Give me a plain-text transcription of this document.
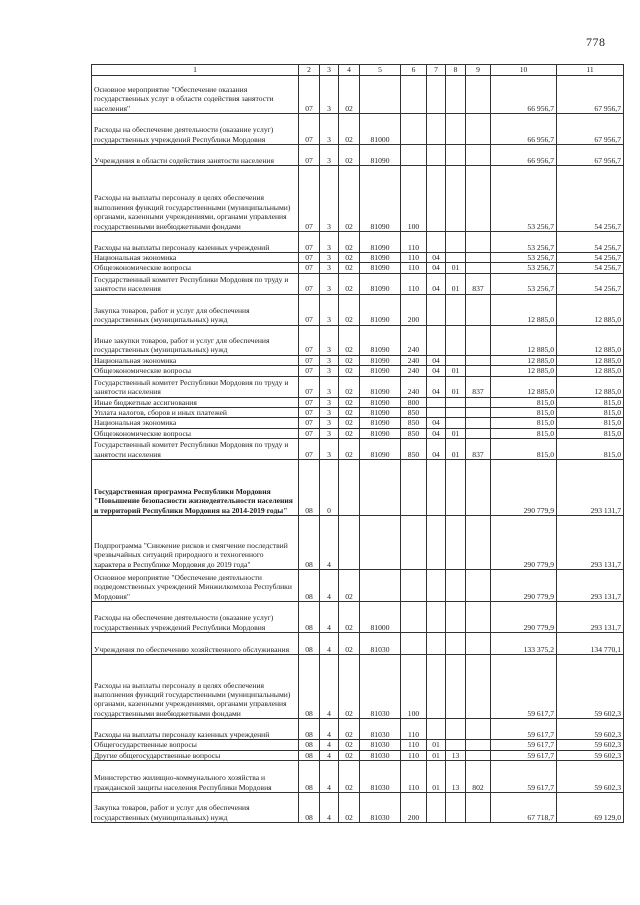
778
1	2	3	4	5	6	7	8	9	10	11
Основное мероприятие "Обеспечение оказания государственных услуг в области содействия занятости населения"	07	3	02						66 956,7	67 956,7
Расходы на обеспечение деятельности (оказание услуг) государственных учреждений Республики Мордовия	07	3	02	81000					66 956,7	67 956,7
Учреждения в области содействия занятости населения	07	3	02	81090					66 956,7	67 956,7
Расходы на выплаты персоналу в целях обеспечения выполнения функций государственными (муниципальными) органами, казенными учреждениями, органами управления государственными внебюджетными фондами	07	3	02	81090	100				53 256,7	54 256,7
Расходы на выплаты персоналу казенных учреждений	07	3	02	81090	110				53 256,7	54 256,7
Национальная экономика	07	3	02	81090	110	04			53 256,7	54 256,7
Общеэкономические вопросы	07	3	02	81090	110	04	01		53 256,7	54 256,7
Государственный комитет Республики Мордовия по труду и занятости населения	07	3	02	81090	110	04	01	837	53 256,7	54 256,7
Закупка товаров, работ и услуг для обеспечения государственных (муниципальных) нужд	07	3	02	81090	200				12 885,0	12 885,0
Иные закупки товаров, работ и услуг для обеспечения государственных (муниципальных) нужд	07	3	02	81090	240				12 885,0	12 885,0
Национальная экономика	07	3	02	81090	240	04			12 885,0	12 885,0
Общеэкономические вопросы	07	3	02	81090	240	04	01		12 885,0	12 885,0
Государственный комитет Республики Мордовия по труду и занятости населения	07	3	02	81090	240	04	01	837	12 885,0	12 885,0
Иные бюджетные ассигнования	07	3	02	81090	800				815,0	815,0
Уплата налогов, сборов и иных платежей	07	3	02	81090	850				815,0	815,0
Национальная экономика	07	3	02	81090	850	04			815,0	815,0
Общеэкономические вопросы	07	3	02	81090	850	04	01		815,0	815,0
Государственный комитет Республики Мордовия по труду и занятости населения	07	3	02	81090	850	04	01	837	815,0	815,0
Государственная программа Республики Мордовия "Повышение безопасности жизнедеятельности населения и территорий Республики Мордовия на 2014-2019 годы"	08	0							290 779,9	293 131,7
Подпрограмма "Снижение рисков и смягчение последствий чрезвычайных ситуаций природного и техногенного характера в Республике Мордовия до 2019 года"	08	4							290 779,9	293 131,7
Основное мероприятие "Обеспечение деятельности подведомственных учреждений Минжилкомхоза Республики Мордовия"	08	4	02						290 779,9	293 131,7
Расходы на обеспечение деятельности (оказание услуг) государственных учреждений Республики Мордовия	08	4	02	81000					290 779,9	293 131,7
Учреждения по обеспечению хозяйственного обслуживания	08	4	02	81030					133 375,2	134 770,1
Расходы на выплаты персоналу в целях обеспечения выполнения функций государственными (муниципальными) органами, казенными учреждениями, органами управления государственными внебюджетными фондами	08	4	02	81030	100				59 617,7	59 602,3
Расходы на выплаты персоналу казенных учреждений	08	4	02	81030	110				59 617,7	59 602,3
Общегосударственные вопросы	08	4	02	81030	110	01			59 617,7	59 602,3
Другие общегосударственные вопросы	08	4	02	81030	110	01	13		59 617,7	59 602,3
Министерство жилищно-коммунального хозяйства и гражданской защиты населения Республики Мордовия	08	4	02	81030	110	01	13	802	59 617,7	59 602,3
Закупка товаров, работ и услуг для обеспечения государственных (муниципальных) нужд	08	4	02	81030	200				67 718,7	69 129,0
